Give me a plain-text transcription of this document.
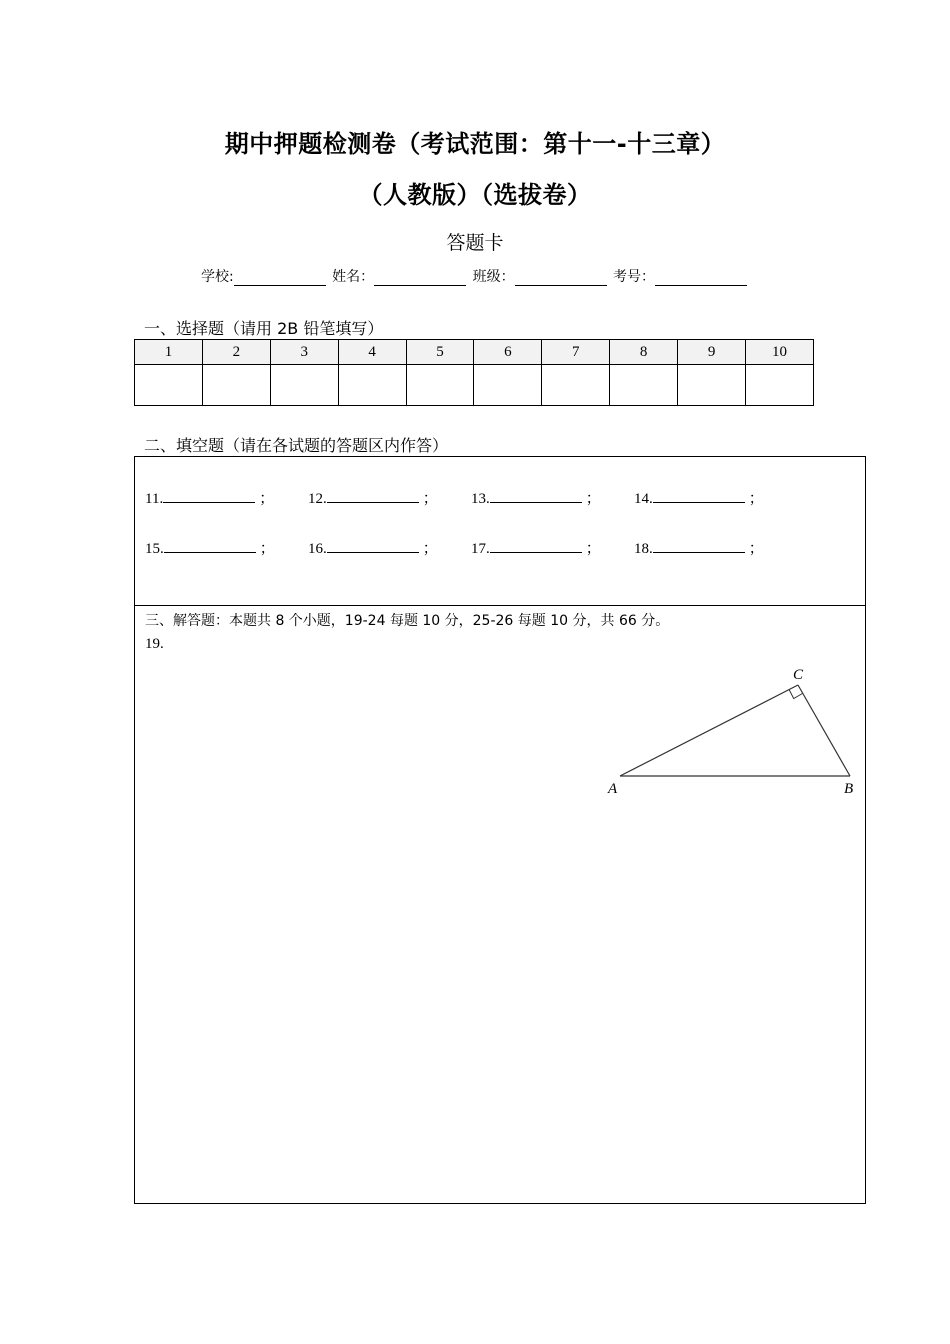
期中押题检测卷（考试范围：第十一-十三章）
（人教版）（选拔卷）
答题卡
学校:	姓名：	班级：	考号：
一、选择题（请用 2B 铅笔填写）
1	2	3	4	5	6	7	8	9	10

二、填空题（请在各试题的答题区内作答）
11.	； 12.	； 13.	； 14.	；
15.	； 16.	； 17.	； 18.	；
三、解答题：本题共 8 个小题，19-24 每题 10 分，25-26 每题 10 分，共 66 分。
19.
A	B
C
